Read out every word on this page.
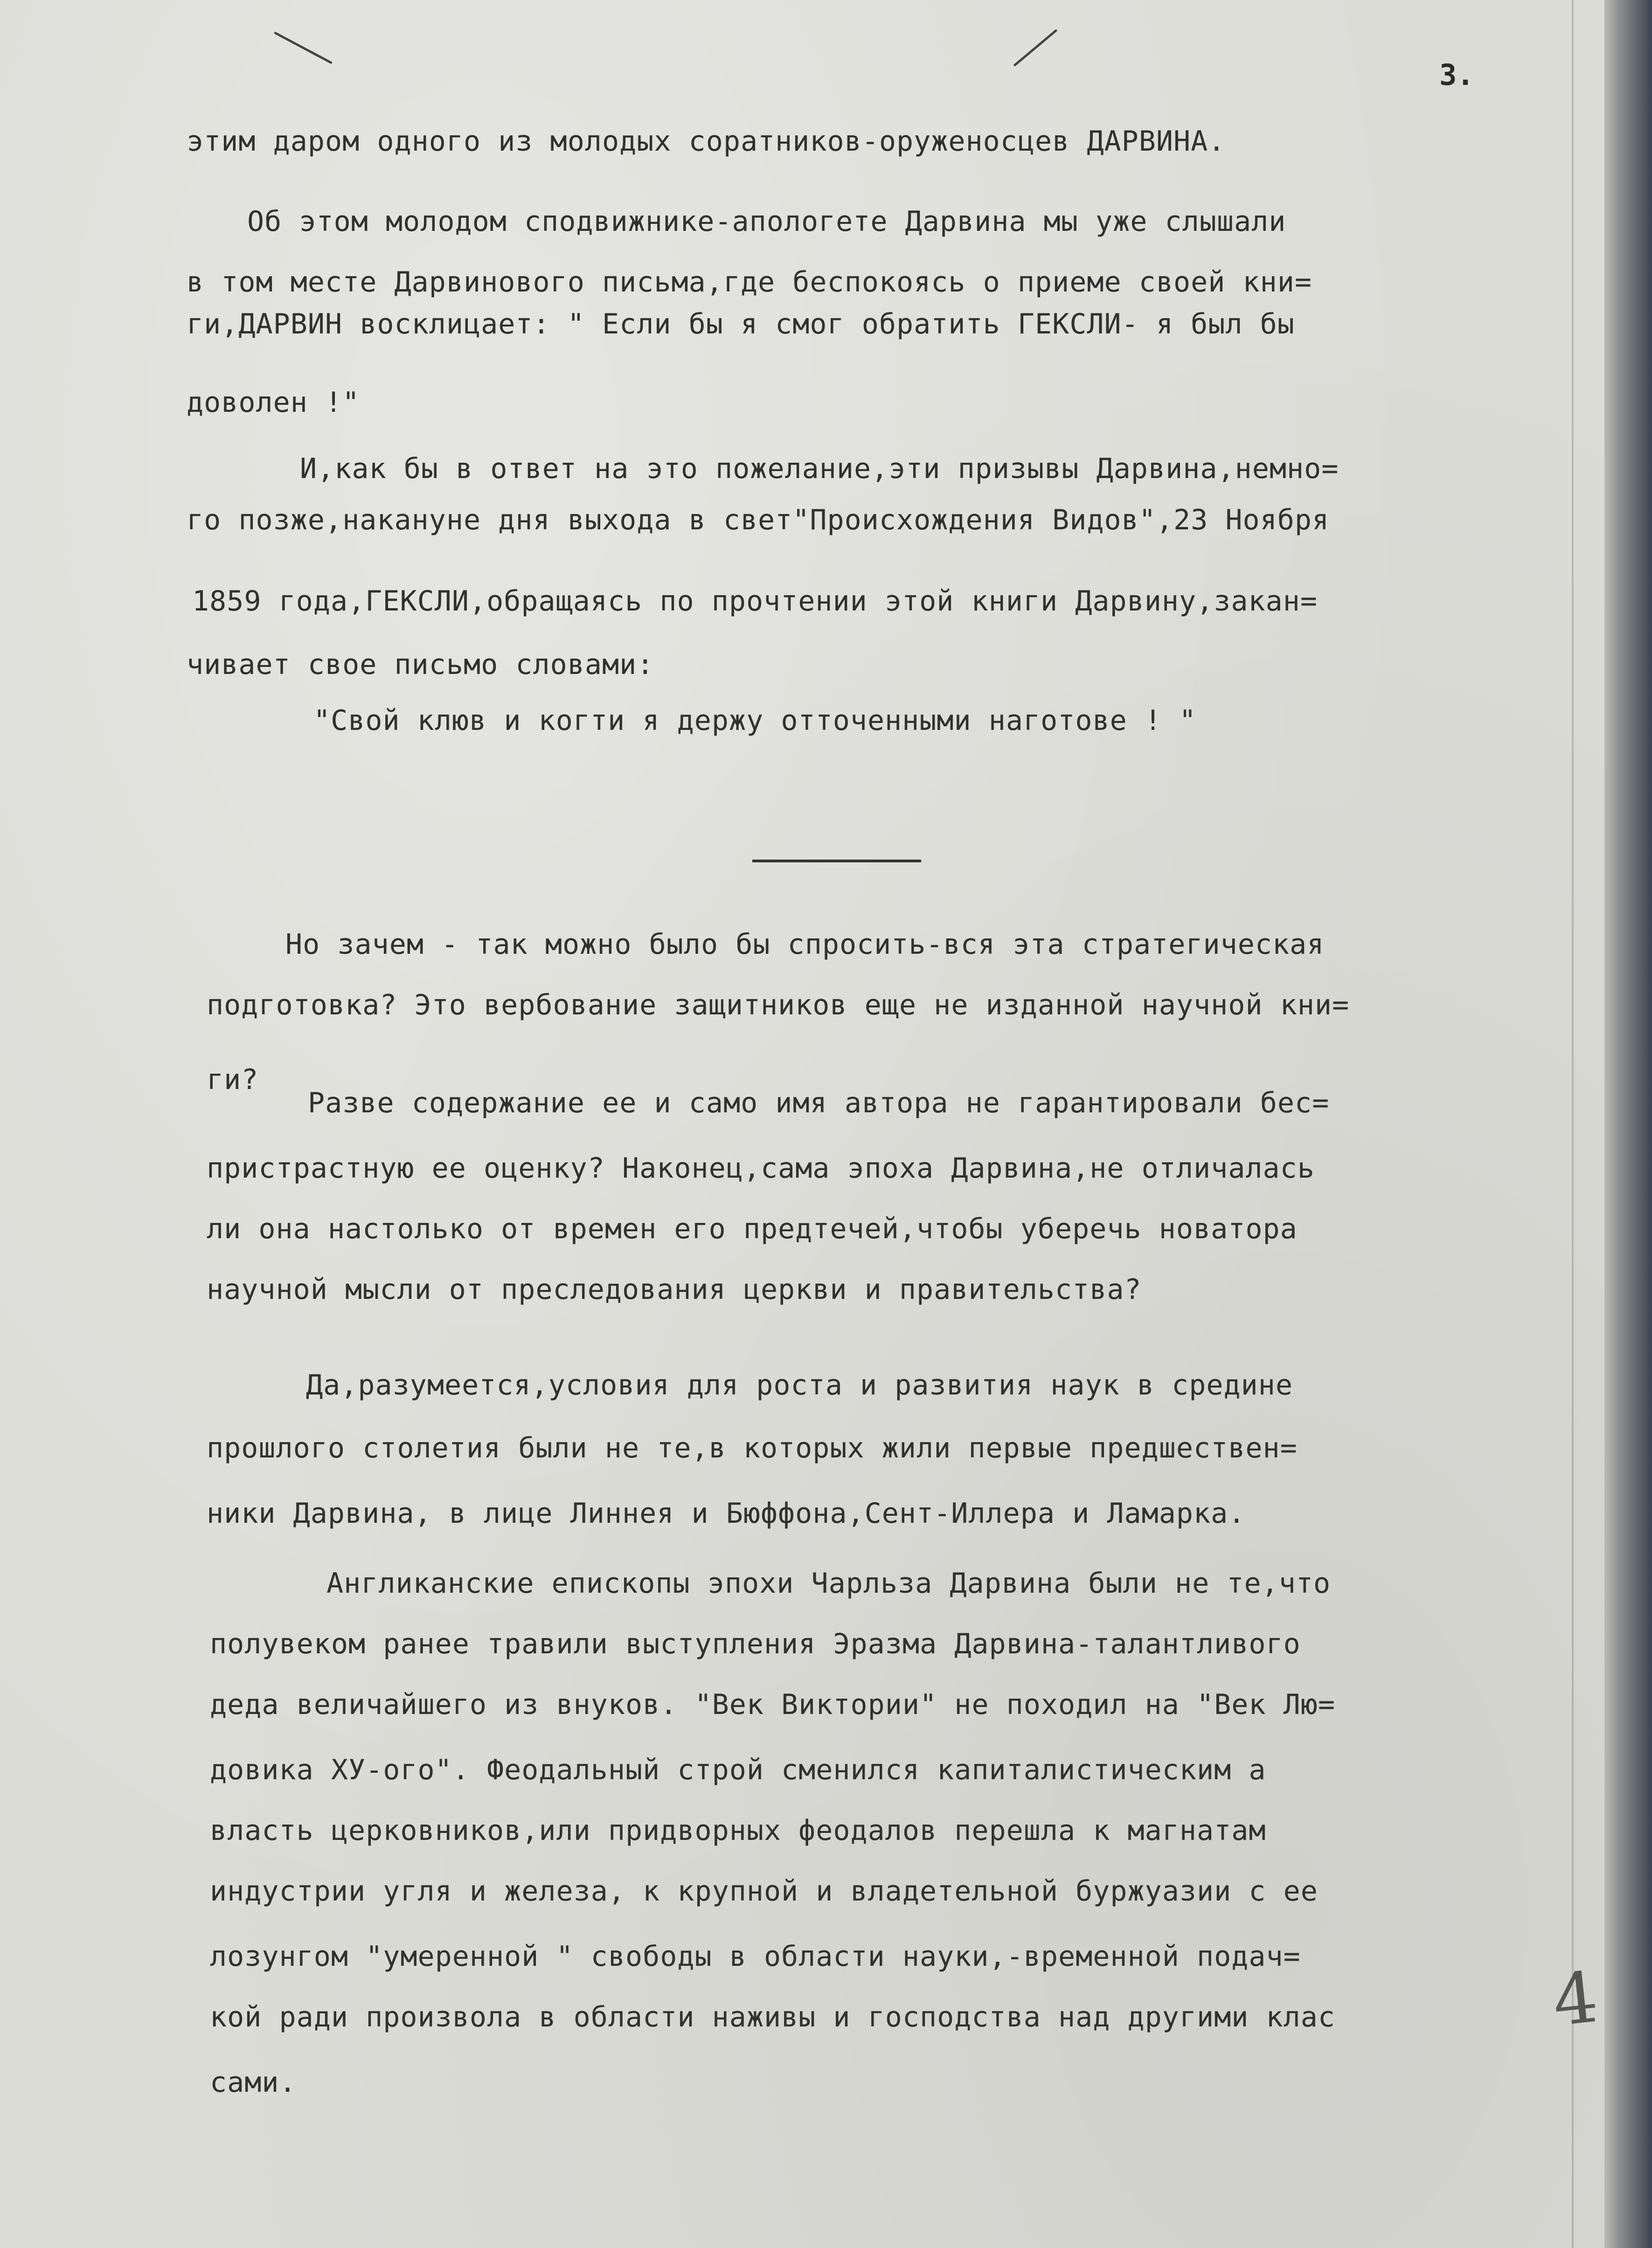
3.
этим даром одного из молодых соратников-оруженосцев ДАРВИНА.
Об этом молодом сподвижнике-апологете Дарвина мы уже слышали
в том месте Дарвинового письма,где беспокоясь о приеме своей кни=
ги,ДАРВИН восклицает: " Если бы я смог обратить ГЕКСЛИ- я был бы
доволен !"
И,как бы в ответ на это пожелание,эти призывы Дарвина,немно=
го позже,накануне дня выхода в свет"Происхождения Видов",23 Ноября
1859 года,ГЕКСЛИ,обращаясь по прочтении этой книги Дарвину,закан=
чивает свое письмо словами:
"Свой клюв и когти я держу отточенными наготове ! "
Но зачем - так можно было бы спросить-вся эта стратегическая
подготовка? Это вербование защитников еще не изданной научной кни=
ги?
Разве содержание ее и само имя автора не гарантировали бес=
пристрастную ее оценку? Наконец,сама эпоха Дарвина,не отличалась
ли она настолько от времен его предтечей,чтобы уберечь новатора
научной мысли от преследования церкви и правительства?
Да,разумеется,условия для роста и развития наук в средине
прошлого столетия были не те,в которых жили первые предшествен=
ники Дарвина, в лице Линнея и Бюффона,Сент-Иллера и Ламарка.
Англиканские епископы эпохи Чарльза Дарвина были не те,что
полувеком ранее травили выступления Эразма Дарвина-талантливого
деда величайшего из внуков. "Век Виктории" не походил на "Век Лю=
довика ХУ-ого". Феодальный строй сменился капиталистическим а
власть церковников,или придворных феодалов перешла к магнатам
индустрии угля и железа, к крупной и владетельной буржуазии с ее
лозунгом "умеренной " свободы в области науки,-временной подач=
кой ради произвола в области наживы и господства над другими клас
сами.
4
